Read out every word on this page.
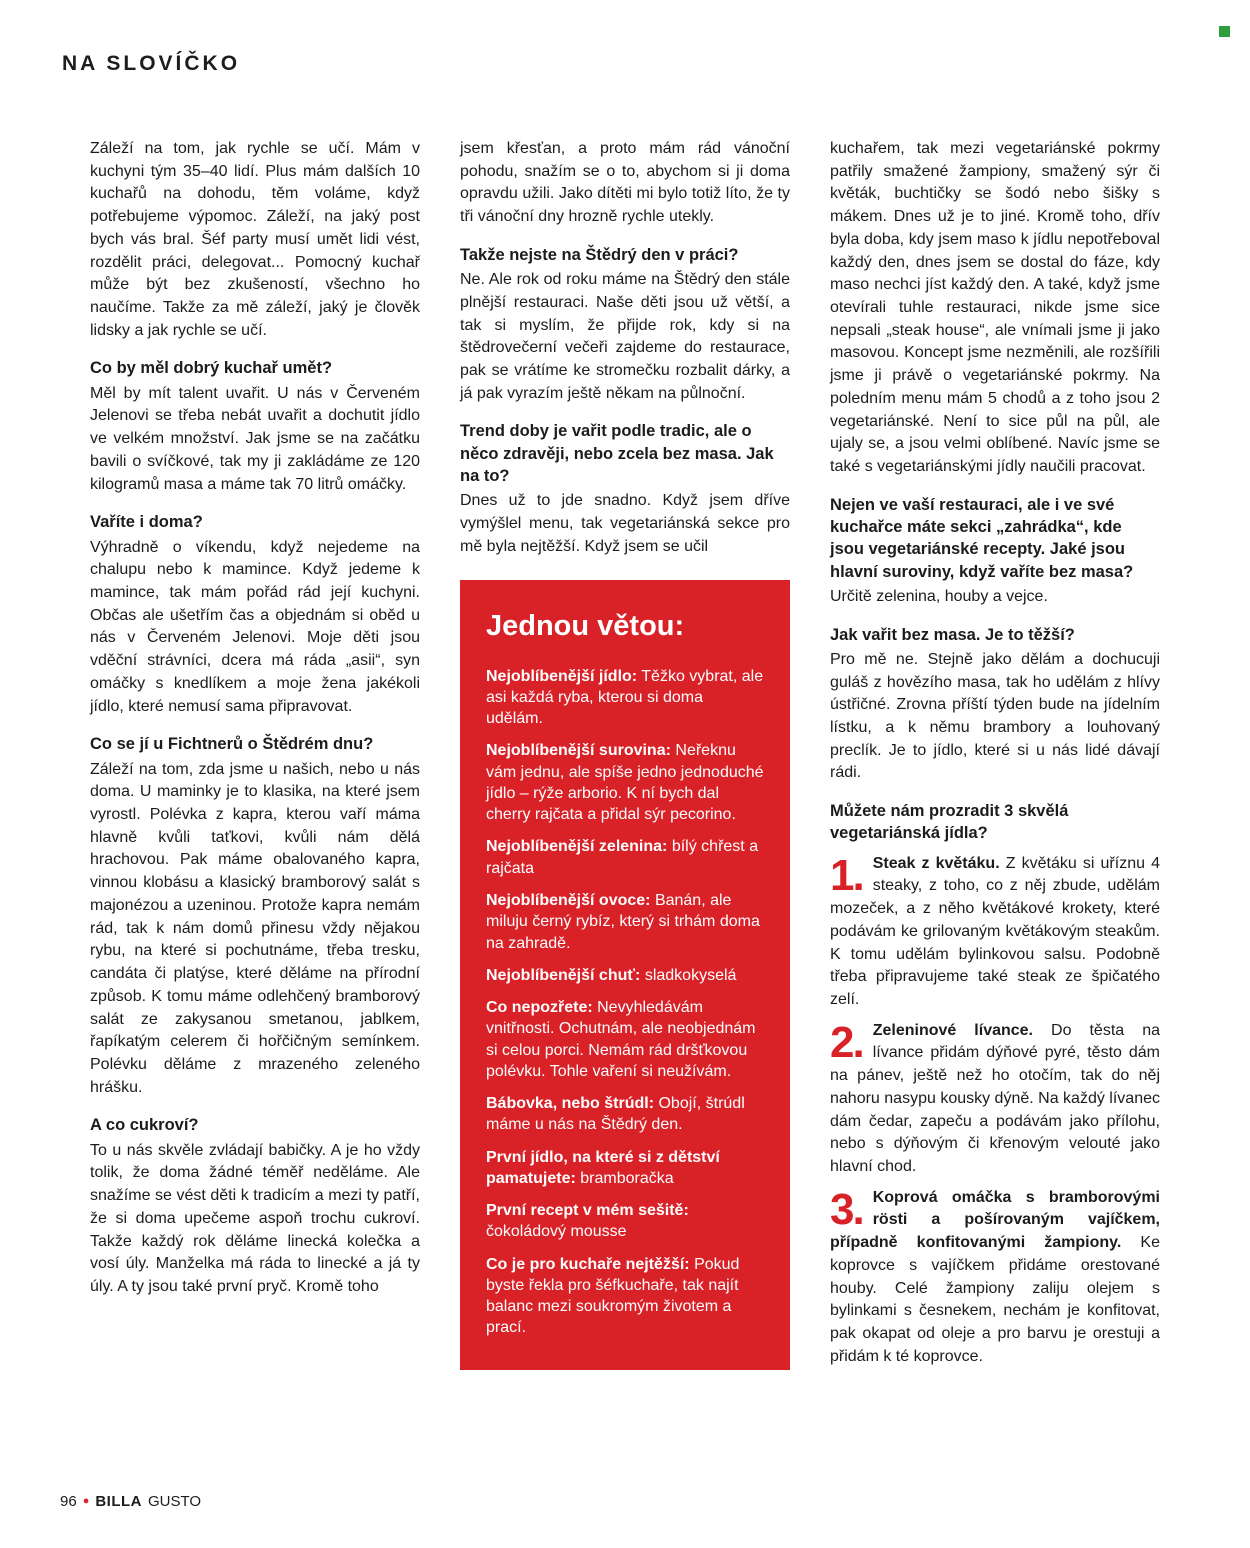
NA SLOVÍČKO

Záleží na tom, jak rychle se učí. Mám v kuchyni tým 35–40 lidí. Plus mám dalších 10 kuchařů na dohodu, těm voláme, když potřebujeme výpomoc. Záleží, na jaký post bych vás bral. Šéf party musí umět lidi vést, rozdělit práci, delegovat... Pomocný kuchař může být bez zkušeností, všechno ho naučíme. Takže za mě záleží, jaký je člověk lidsky a jak rychle se učí.

Co by měl dobrý kuchař umět?

Měl by mít talent uvařit. U nás v Červeném Jelenovi se třeba nebát uvařit a dochutit jídlo ve velkém množství. Jak jsme se na začátku bavili o svíčkové, tak my ji zakládáme ze 120 kilogramů masa a máme tak 70 litrů omáčky.

Vaříte i doma?

Výhradně o víkendu, když nejedeme na chalupu nebo k mamince. Když jedeme k mamince, tak mám pořád rád její kuchyni. Občas ale ušetřím čas a objednám si oběd u nás v Červeném Jelenovi. Moje děti jsou vděční strávníci, dcera má ráda „asii“, syn omáčky s knedlíkem a moje žena jakékoli jídlo, které nemusí sama připravovat.

Co se jí u Fichtnerů o Štědrém dnu?

Záleží na tom, zda jsme u našich, nebo u nás doma. U maminky je to klasika, na které jsem vyrostl. Polévka z kapra, kterou vaří máma hlavně kvůli taťkovi, kvůli nám dělá hrachovou. Pak máme obalovaného kapra, vinnou klobásu a klasický bramborový salát s majonézou a uzeninou. Protože kapra nemám rád, tak k nám domů přinesu vždy nějakou rybu, na které si pochutnáme, třeba tresku, candáta či platýse, které děláme na přírodní způsob. K tomu máme odlehčený bramborový salát ze zakysanou smetanou, jablkem, řapíkatým celerem či hořčičným semínkem. Polévku děláme z mrazeného zeleného hrášku.

A co cukroví?

To u nás skvěle zvládají babičky. A je ho vždy tolik, že doma žádné téměř neděláme. Ale snažíme se vést děti k tradicím a mezi ty patří, že si doma upečeme aspoň trochu cukroví. Takže každý rok děláme linecká kolečka a vosí úly. Manželka má ráda to linecké a já ty úly. A ty jsou také první pryč. Kromě toho

jsem křesťan, a proto mám rád vánoční pohodu, snažím se o to, abychom si ji doma opravdu užili. Jako dítěti mi bylo totiž líto, že ty tři vánoční dny hrozně rychle utekly.

Takže nejste na Štědrý den v práci?

Ne. Ale rok od roku máme na Štědrý den stále plnější restauraci. Naše děti jsou už větší, a tak si myslím, že přijde rok, kdy si na štědrovečerní večeři zajdeme do restaurace, pak se vrátíme ke stromečku rozbalit dárky, a já pak vyrazím ještě někam na půlnoční.

Trend doby je vařit podle tradic, ale o něco zdravěji, nebo zcela bez masa. Jak na to?

Dnes už to jde snadno. Když jsem dříve vymýšlel menu, tak vegetariánská sekce pro mě byla nejtěžší. Když jsem se učil

Jednou větou:

Nejoblíbenější jídlo: Těžko vybrat, ale asi každá ryba, kterou si doma udělám.

Nejoblíbenější surovina: Neřeknu vám jednu, ale spíše jedno jednoduché jídlo – rýže arborio. K ní bych dal cherry rajčata a přidal sýr pecorino.

Nejoblíbenější zelenina: bílý chřest a rajčata

Nejoblíbenější ovoce: Banán, ale miluju černý rybíz, který si trhám doma na zahradě.

Nejoblíbenější chuť: sladkokyselá

Co nepozřete: Nevyhledávám vnitřnosti. Ochutnám, ale neobjednám si celou porci. Nemám rád dršťkovou polévku. Tohle vaření si neužívám.

Bábovka, nebo štrúdl: Obojí, štrúdl máme u nás na Štědrý den.

První jídlo, na které si z dětství pamatujete: bramboračka

První recept v mém sešitě: čokoládový mousse

Co je pro kuchaře nejtěžší: Pokud byste řekla pro šéfkuchaře, tak najít balanc mezi soukromým životem a prací.

kuchařem, tak mezi vegetariánské pokrmy patřily smažené žampiony, smažený sýr či květák, buchtičky se šodó nebo šišky s mákem. Dnes už je to jiné. Kromě toho, dřív byla doba, kdy jsem maso k jídlu nepotřeboval každý den, dnes jsem se dostal do fáze, kdy maso nechci jíst každý den. A také, když jsme otevírali tuhle restauraci, nikde jsme sice nepsali „steak house“, ale vnímali jsme ji jako masovou. Koncept jsme nezměnili, ale rozšířili jsme ji právě o vegetariánské pokrmy. Na poledním menu mám 5 chodů a z toho jsou 2 vegetariánské. Není to sice půl na půl, ale ujaly se, a jsou velmi oblíbené. Navíc jsme se také s vegetariánskými jídly naučili pracovat.

Nejen ve vaší restauraci, ale i ve své kuchařce máte sekci „zahrádka“, kde jsou vegetariánské recepty. Jaké jsou hlavní suroviny, když vaříte bez masa?

Určitě zelenina, houby a vejce.

Jak vařit bez masa. Je to těžší?

Pro mě ne. Stejně jako dělám a dochucuji guláš z hovězího masa, tak ho udělám z hlívy ústřičné. Zrovna příští týden bude na jídelním lístku, a k němu brambory a louhovaný preclík. Je to jídlo, které si u nás lidé dávají rádi.

Můžete nám prozradit 3 skvělá vegetariánská jídla?
1. Steak z květáku. Z květáku si uříznu 4 steaky, z toho, co z něj zbude, udělám mozeček, a z něho květákové krokety, které podávám ke grilovaným květákovým steakům. K tomu udělám bylinkovou salsu. Podobně třeba připravujeme také steak ze špičatého zelí.

2. Zeleninové lívance. Do těsta na lívance přidám dýňové pyré, těsto dám na pánev, ještě než ho otočím, tak do něj nahoru nasypu kousky dýně. Na každý lívanec dám čedar, zapeču a podávám jako přílohu, nebo s dýňovým či křenovým velouté jako hlavní chod.

3. Koprová omáčka s bramborovými rösti a pošírovaným vajíčkem, případně konfitovanými žampiony. Ke koprovce s vajíčkem přidáme orestované houby. Celé žampiony zaliju olejem s bylinkami s česnekem, nechám je konfitovat, pak okapat od oleje a pro barvu je orestuji a přidám k té koprovce.

96 ● BILLA GUSTO
